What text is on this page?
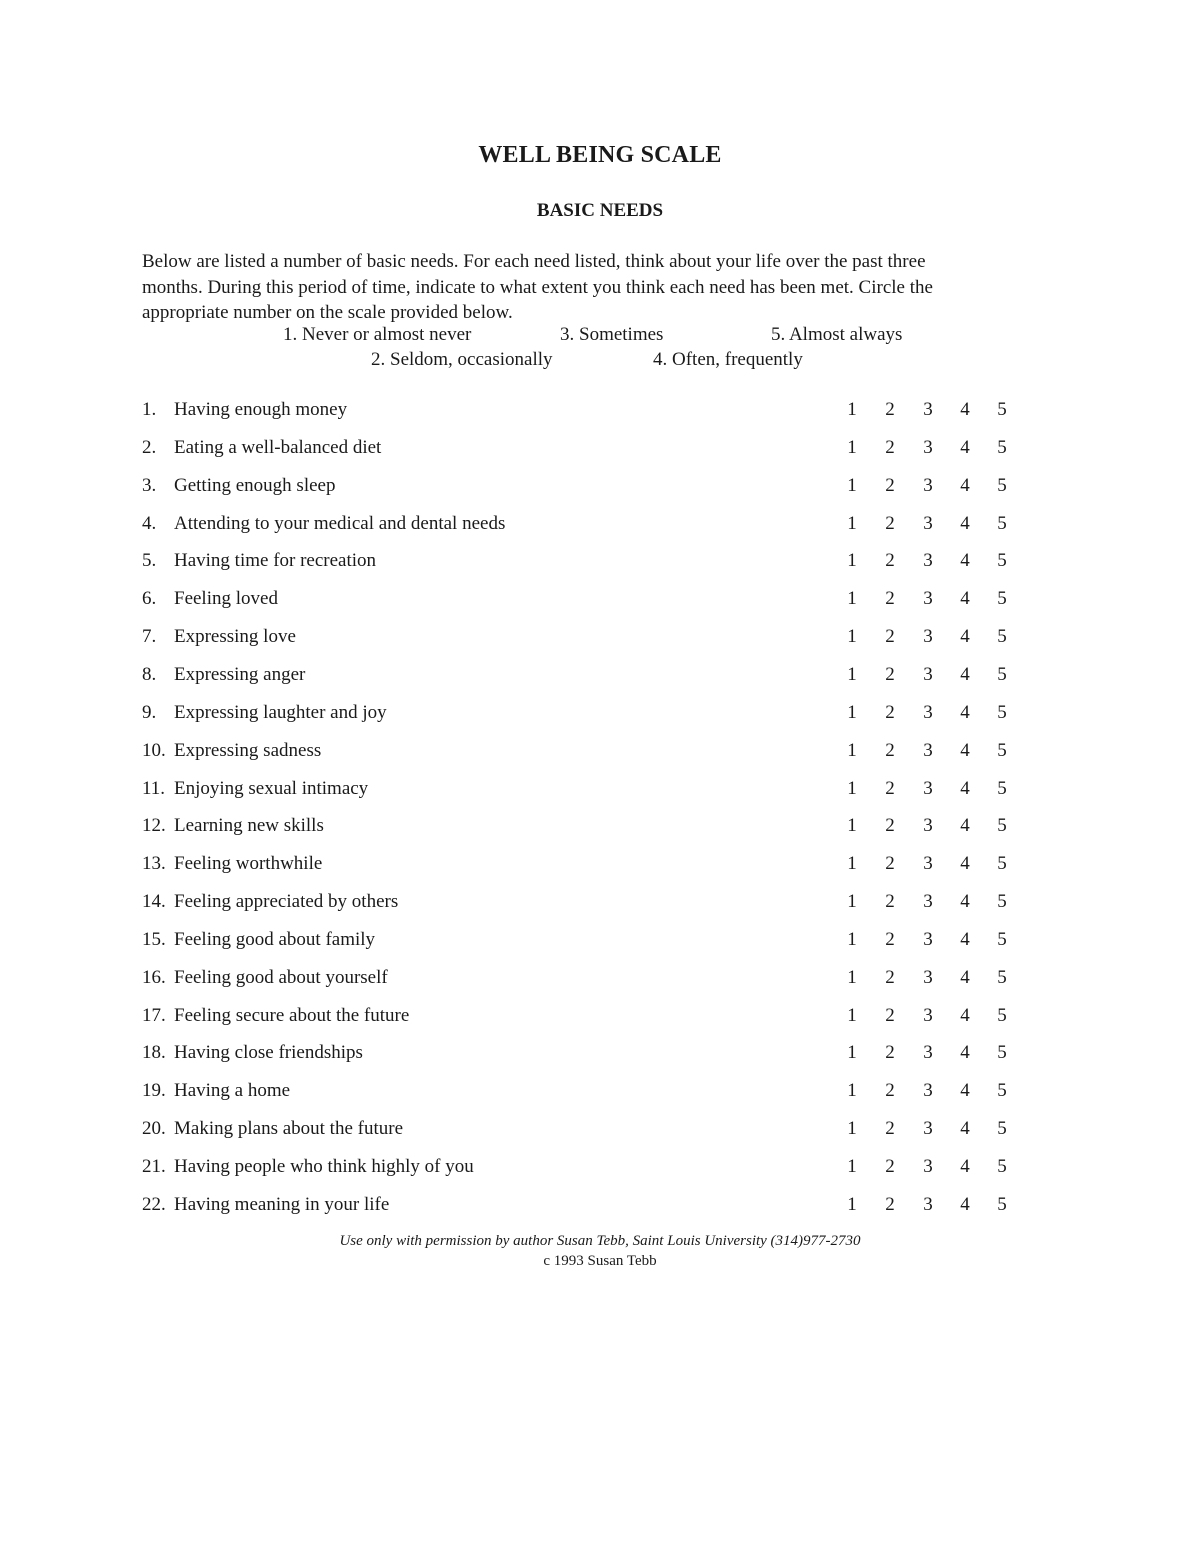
WELL BEING SCALE
BASIC NEEDS
Below are listed a number of basic needs. For each need listed, think about your life over the past three
months. During this period of time, indicate to what extent you think each need has been met. Circle the
appropriate number on the scale provided below.
1. Never or almost never	3. Sometimes	5. Almost always
2. Seldom, occasionally	4. Often, frequently
1. Having enough money	1 2 3 4 5
2. Eating a well-balanced diet	1 2 3 4 5
3. Getting enough sleep	1 2 3 4 5
4. Attending to your medical and dental needs	1 2 3 4 5
5. Having time for recreation	1 2 3 4 5
6. Feeling loved	1 2 3 4 5
7. Expressing love	1 2 3 4 5
8. Expressing anger	1 2 3 4 5
9. Expressing laughter and joy	1 2 3 4 5
10. Expressing sadness	1 2 3 4 5
11. Enjoying sexual intimacy	1 2 3 4 5
12. Learning new skills	1 2 3 4 5
13. Feeling worthwhile	1 2 3 4 5
14. Feeling appreciated by others	1 2 3 4 5
15. Feeling good about family	1 2 3 4 5
16. Feeling good about yourself	1 2 3 4 5
17. Feeling secure about the future	1 2 3 4 5
18. Having close friendships	1 2 3 4 5
19. Having a home	1 2 3 4 5
20. Making plans about the future	1 2 3 4 5
21. Having people who think highly of you	1 2 3 4 5
22. Having meaning in your life	1 2 3 4 5
Use only with permission by author Susan Tebb, Saint Louis University (314)977-2730
c 1993 Susan Tebb
